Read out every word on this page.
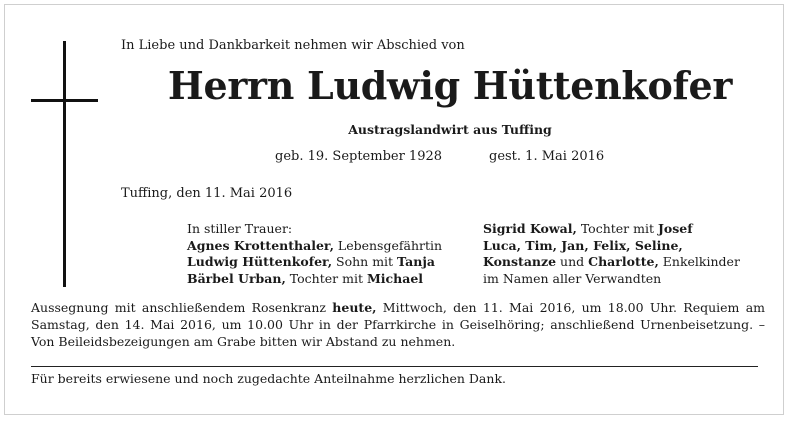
In Liebe und Dankbarkeit nehmen wir Abschied von
Herrn Ludwig Hüttenkofer
Austragslandwirt aus Tuffing
geb. 19. September 1928	gest. 1. Mai 2016
Tuffing, den 11. Mai 2016
In stiller Trauer:
Agnes Krottenthaler, Lebensgefährtin
Ludwig Hüttenkofer, Sohn mit Tanja
Bärbel Urban, Tochter mit Michael
Sigrid Kowal, Tochter mit Josef
Luca, Tim, Jan, Felix, Seline,
Konstanze und Charlotte, Enkelkinder
im Namen aller Verwandten
Aussegnung mit anschließendem Rosenkranz heute, Mittwoch, den 11. Mai 2016, um 18.00 Uhr. Requiem am Samstag, den 14. Mai 2016, um 10.00 Uhr in der Pfarrkirche in Geiselhöring; anschließend Urnenbeisetzung. – Von Beileidsbezeigungen am Grabe bitten wir Abstand zu nehmen.
Für bereits erwiesene und noch zugedachte Anteilnahme herzlichen Dank.
